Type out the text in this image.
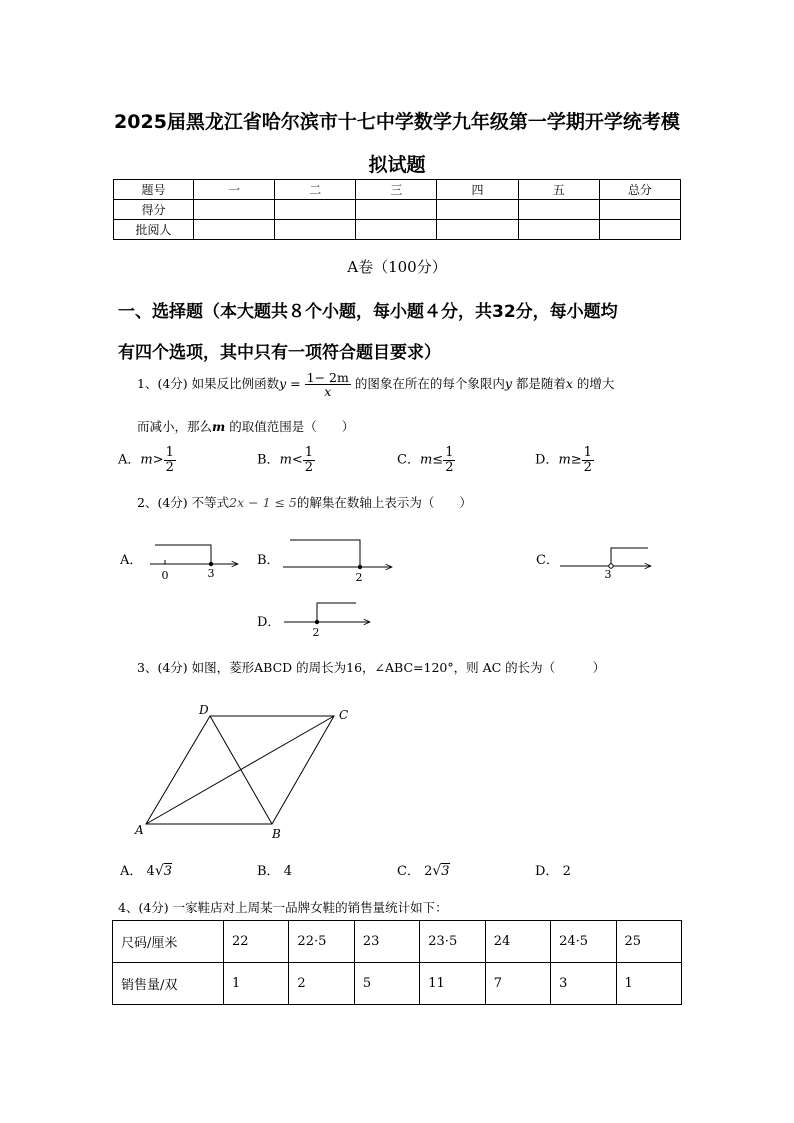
2025届黑龙江省哈尔滨市十七中学数学九年级第一学期开学统考模
拟试题
题号	一	二	三	四	五	总分
得分						
批阅人						
A卷（100分）
一、选择题（本大题共８个小题，每小题４分，共32分，每小题均
有四个选项，其中只有一项符合题目要求）
1、(4分) 如果反比例函数$y = \frac{1- 2m}{x}$ 的图象在所在的每个象限内y 都是随着x 的增大
而减小，那么m 的取值范围是（　　）
A．$m> \frac{1}{2}$	B．$m< \frac{1}{2}$	C．$m\le \frac{1}{2}$	D．$m\ge \frac{1}{2}$
2、(4分) 不等式2x − 1 ≤ 5的解集在数轴上表示为（　　）
A．	B．	C．
D．
0	3	2	3
2
A	B
C
D
3、(4分) 如图，菱形ABCD 的周长为16，∠ABC=120°，则 AC 的长为（　　　）
A． 4√3	B． 4	C． 2√3	D． 2
4、(4分) 一家鞋店对上周某一品牌女鞋的销售量统计如下：
尺码/厘米	22	22·5	23	23·5	24	24·5	25
销售量/双	1	2	5	11	7	3	1
